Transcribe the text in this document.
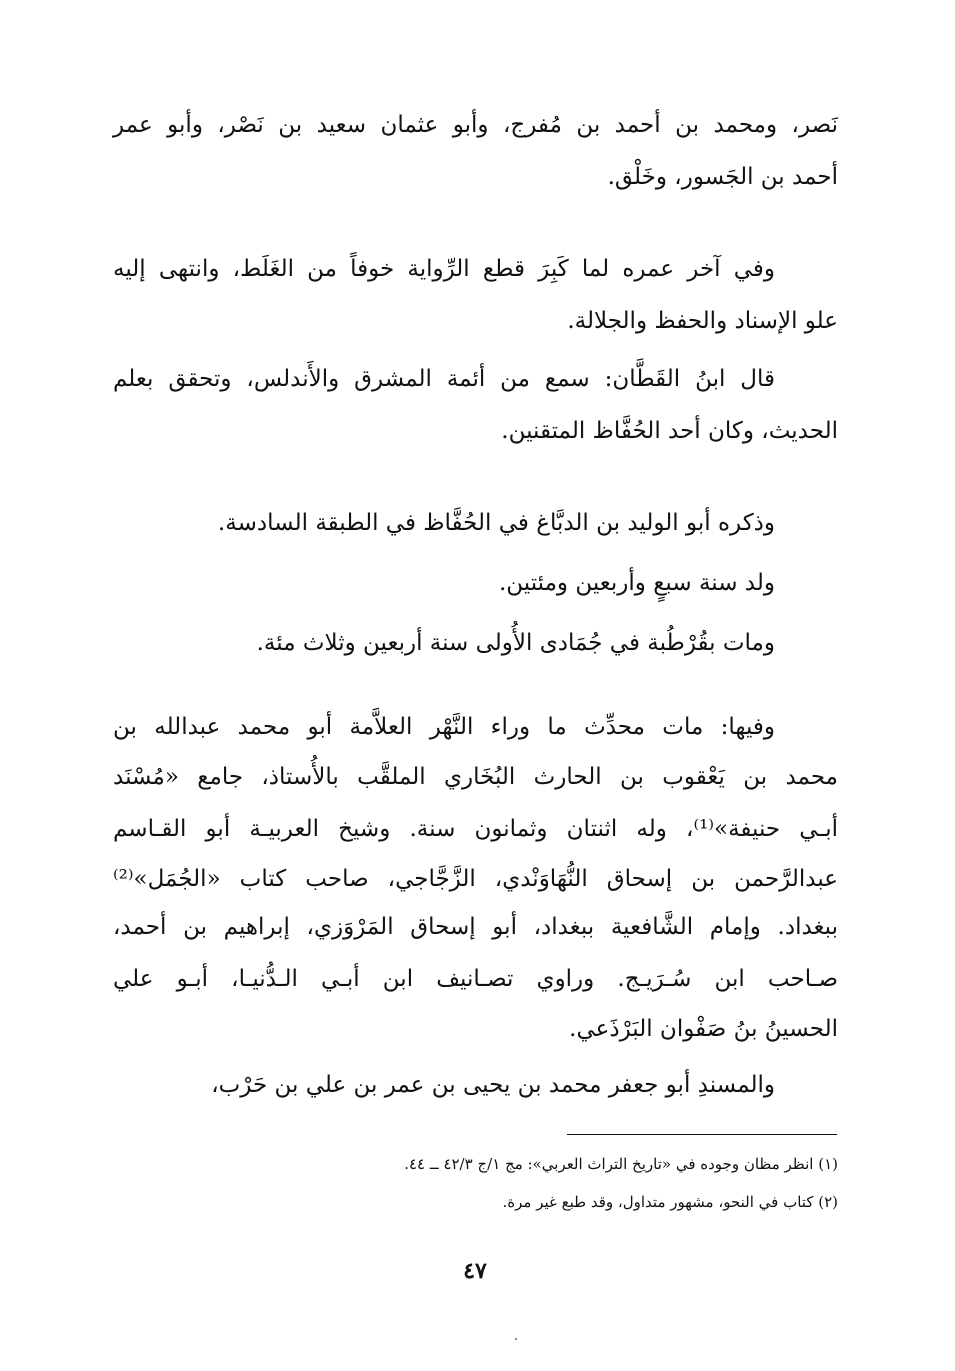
نَصر، ومحمد بن أحمد بن مُفرج، وأبو عثمان سعيد بن نَصْر، وأبو عمر
أحمد بن الجَسور، وخَلْق.
وفي آخر عمره لما كَبِرَ قطع الرِّواية خوفاً من الغَلَط، وانتهى إليه
علو الإسناد والحفظ والجلالة.
قال ابنُ القَطَّان: سمع من أئمة المشرق والأَندلس، وتحقق بعلم
الحديث، وكان أحد الحُفَّاظ المتقنين.
وذكره أبو الوليد بن الدبَّاغ في الحُفَّاظ في الطبقة السادسة.
ولد سنة سبعٍ وأربعين ومئتين.
ومات بقُرْطُبة في جُمَادى الأُولى سنة أربعين وثلاث مئة.
وفيها: مات محدِّث ما وراء النَّهْر العلاَّمة أبو محمد عبدالله بن
محمد بن يَعْقوب بن الحارث البُخَاري الملقَّب بالأُستاذ، جامع «مُسْنَد
أبـي حنيفة»⁽¹⁾، وله اثنتان وثمانون سنة. وشيخ العربيـة أبو القـاسم
عبدالرَّحمن بن إسحاق النُّهَاوَنْدي، الزَّجَّاجي، صاحب كتاب «الجُمَل»⁽²⁾
ببغداد. وإمام الشَّافعية ببغداد، أبو إسحاق المَرْوَزي، إبراهيم بن أحمد،
صـاحب ابن سُـرَيـج. وراوي تصـانيف ابن أبـي الـدُّنيـا، أبـو علي
الحسينُ بنُ صَفْوان البَرْذَعي.
والمسندِ أبو جعفر محمد بن يحيى بن عمر بن علي بن حَرْب،
(١) انظر مظان وجوده في «تاريخ التراث العربي»: مج ١/ج ٤٢/٣ ــ ٤٤.
(٢) كتاب في النحو، مشهور متداول، وقد طبع غير مرة.
٤٧
